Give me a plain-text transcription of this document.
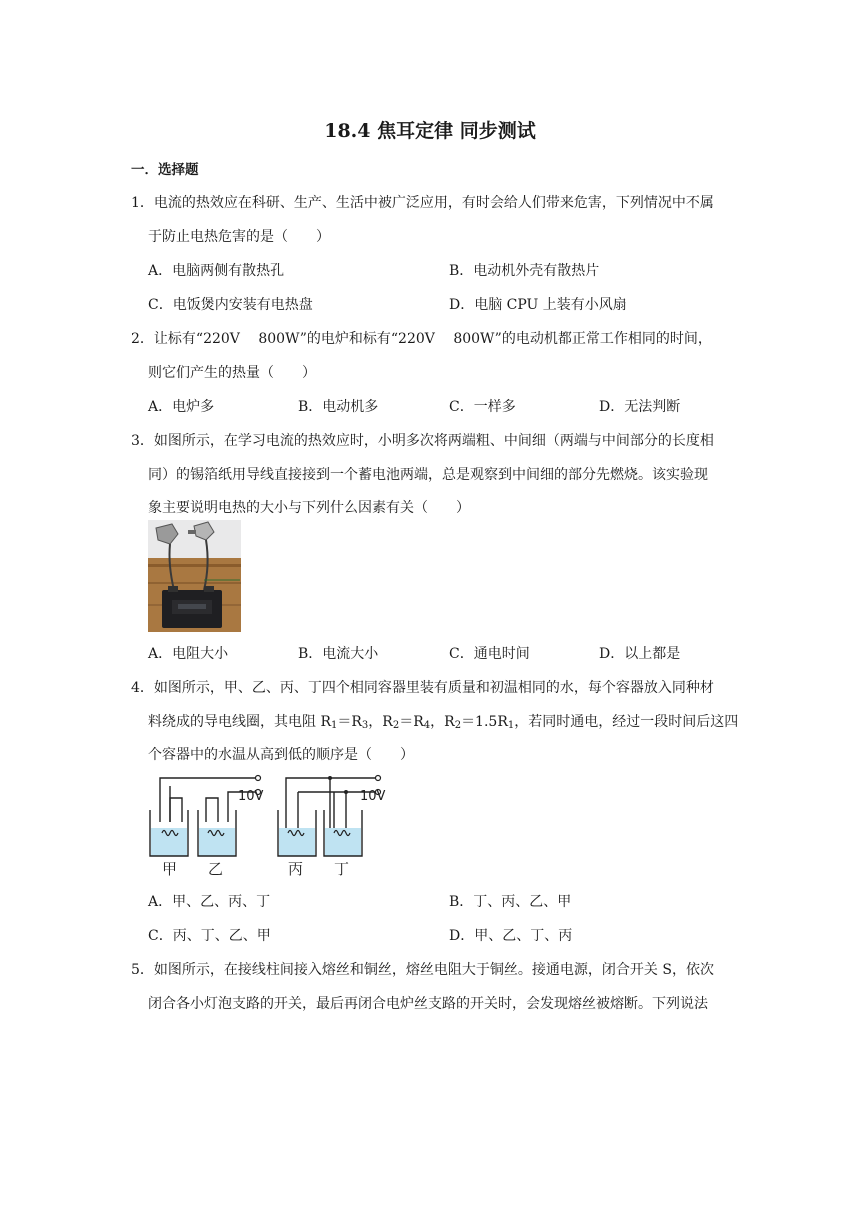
18.4 焦耳定律 同步测试
一．选择题
1．电流的热效应在科研、生产、生活中被广泛应用，有时会给人们带来危害，下列情况中不属
于防止电热危害的是（　　）
A．电脑两侧有散热孔	B．电动机外壳有散热片
C．电饭煲内安装有电热盘	D．电脑 CPU 上装有小风扇
2．让标有“220V　 800W”的电炉和标有“220V　 800W”的电动机都正常工作相同的时间，
则它们产生的热量（　　）
A．电炉多	B．电动机多	C．一样多	D．无法判断
3．如图所示，在学习电流的热效应时，小明多次将两端粗、中间细（两端与中间部分的长度相
同）的锡箔纸用导线直接接到一个蓄电池两端，总是观察到中间细的部分先燃烧。该实验现
象主要说明电热的大小与下列什么因素有关（　　）
A．电阻大小	B．电流大小	C．通电时间	D．以上都是
4．如图所示，甲、乙、丙、丁四个相同容器里装有质量和初温相同的水，每个容器放入同种材
料绕成的导电线圈，其电阻 $R_1=R_3$，$R_2=R_4$，$R_2=1.5R_1$，若同时通电，经过一段时间后这四
个容器中的水温从高到低的顺序是（　　）
10V
甲 乙
10V
丙 丁
A．甲、乙、丙、丁	B．丁、丙、乙、甲
C．丙、丁、乙、甲	D．甲、乙、丁、丙
5．如图所示，在接线柱间接入熔丝和铜丝，熔丝电阻大于铜丝。接通电源，闭合开关 S，依次
闭合各小灯泡支路的开关，最后再闭合电炉丝支路的开关时，会发现熔丝被熔断。下列说法
